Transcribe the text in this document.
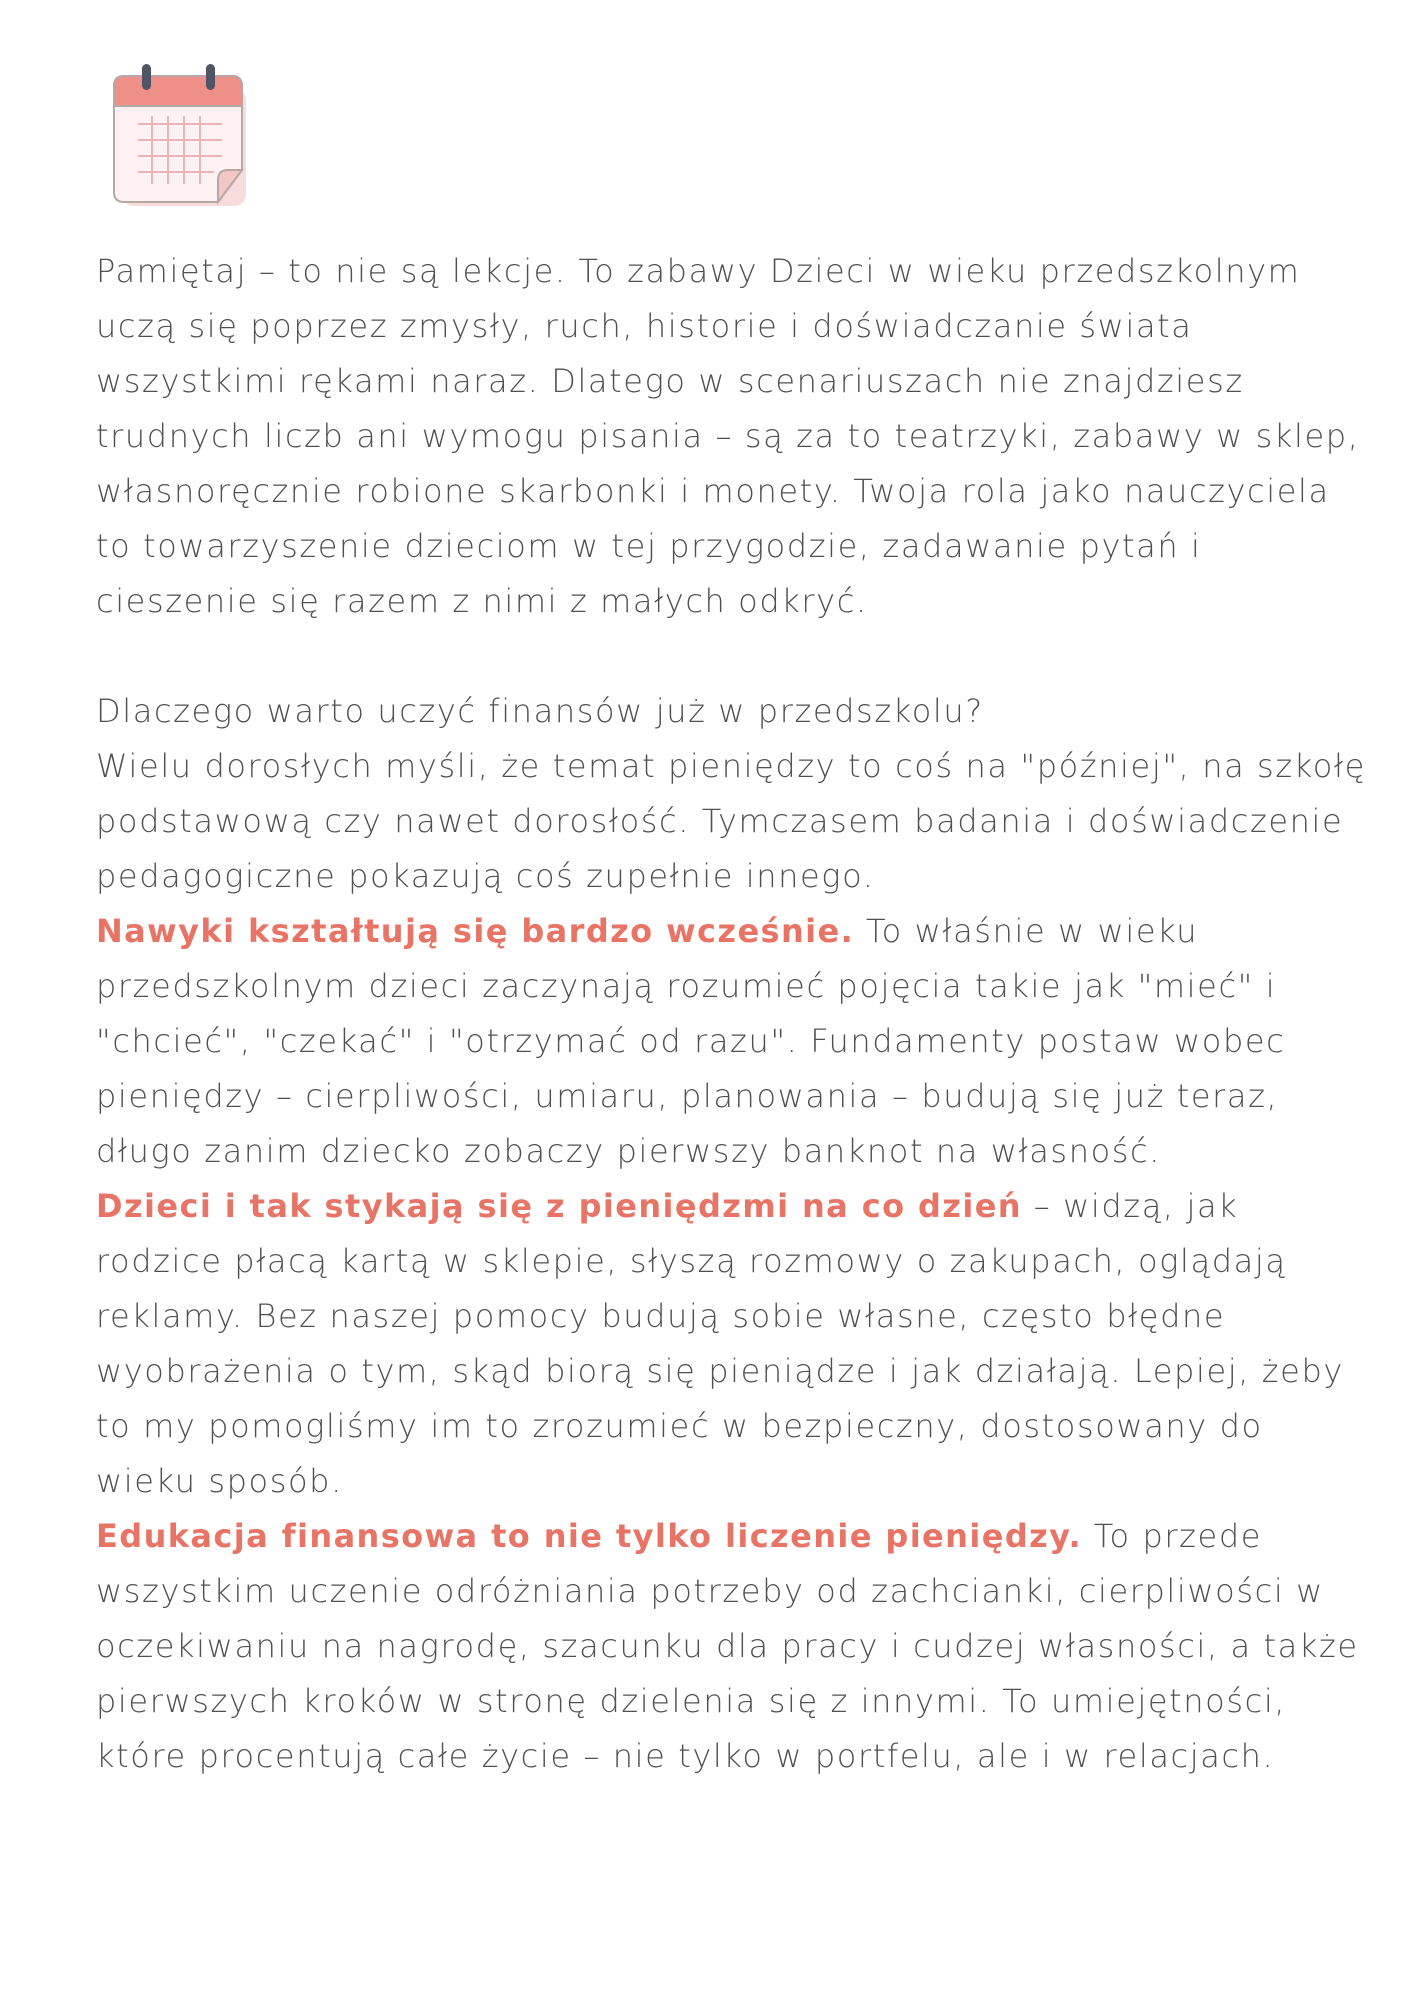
Pamiętaj – to nie są lekcje. To zabawy Dzieci w wieku przedszkolnym uczą się poprzez zmysły, ruch, historie i doświadczanie świata wszystkimi rękami naraz. Dlatego w scenariuszach nie znajdziesz trudnych liczb ani wymogu pisania – są za to teatrzyki, zabawy w sklep, własnoręcznie robione skarbonki i monety. Twoja rola jako nauczyciela to towarzyszenie dzieciom w tej przygodzie, zadawanie pytań i cieszenie się razem z nimi z małych odkryć.

Dlaczego warto uczyć finansów już w przedszkolu?

Wielu dorosłych myśli, że temat pieniędzy to coś na "później", na szkołę podstawową czy nawet dorosłość. Tymczasem badania i doświadczenie pedagogiczne pokazują coś zupełnie innego.

Nawyki kształtują się bardzo wcześnie. To właśnie w wieku przedszkolnym dzieci zaczynają rozumieć pojęcia takie jak "mieć" i "chcieć", "czekać" i "otrzymać od razu". Fundamenty postaw wobec pieniędzy – cierpliwości, umiaru, planowania – budują się już teraz, długo zanim dziecko zobaczy pierwszy banknot na własność.

Dzieci i tak stykają się z pieniędzmi na co dzień – widzą, jak rodzice płacą kartą w sklepie, słyszą rozmowy o zakupach, oglądają reklamy. Bez naszej pomocy budują sobie własne, często błędne wyobrażenia o tym, skąd biorą się pieniądze i jak działają. Lepiej, żeby to my pomogliśmy im to zrozumieć w bezpieczny, dostosowany do wieku sposób.

Edukacja finansowa to nie tylko liczenie pieniędzy. To przede wszystkim uczenie odróżniania potrzeby od zachcianki, cierpliwości w oczekiwaniu na nagrodę, szacunku dla pracy i cudzej własności, a także pierwszych kroków w stronę dzielenia się z innymi. To umiejętności, które procentują całe życie – nie tylko w portfelu, ale i w relacjach.
